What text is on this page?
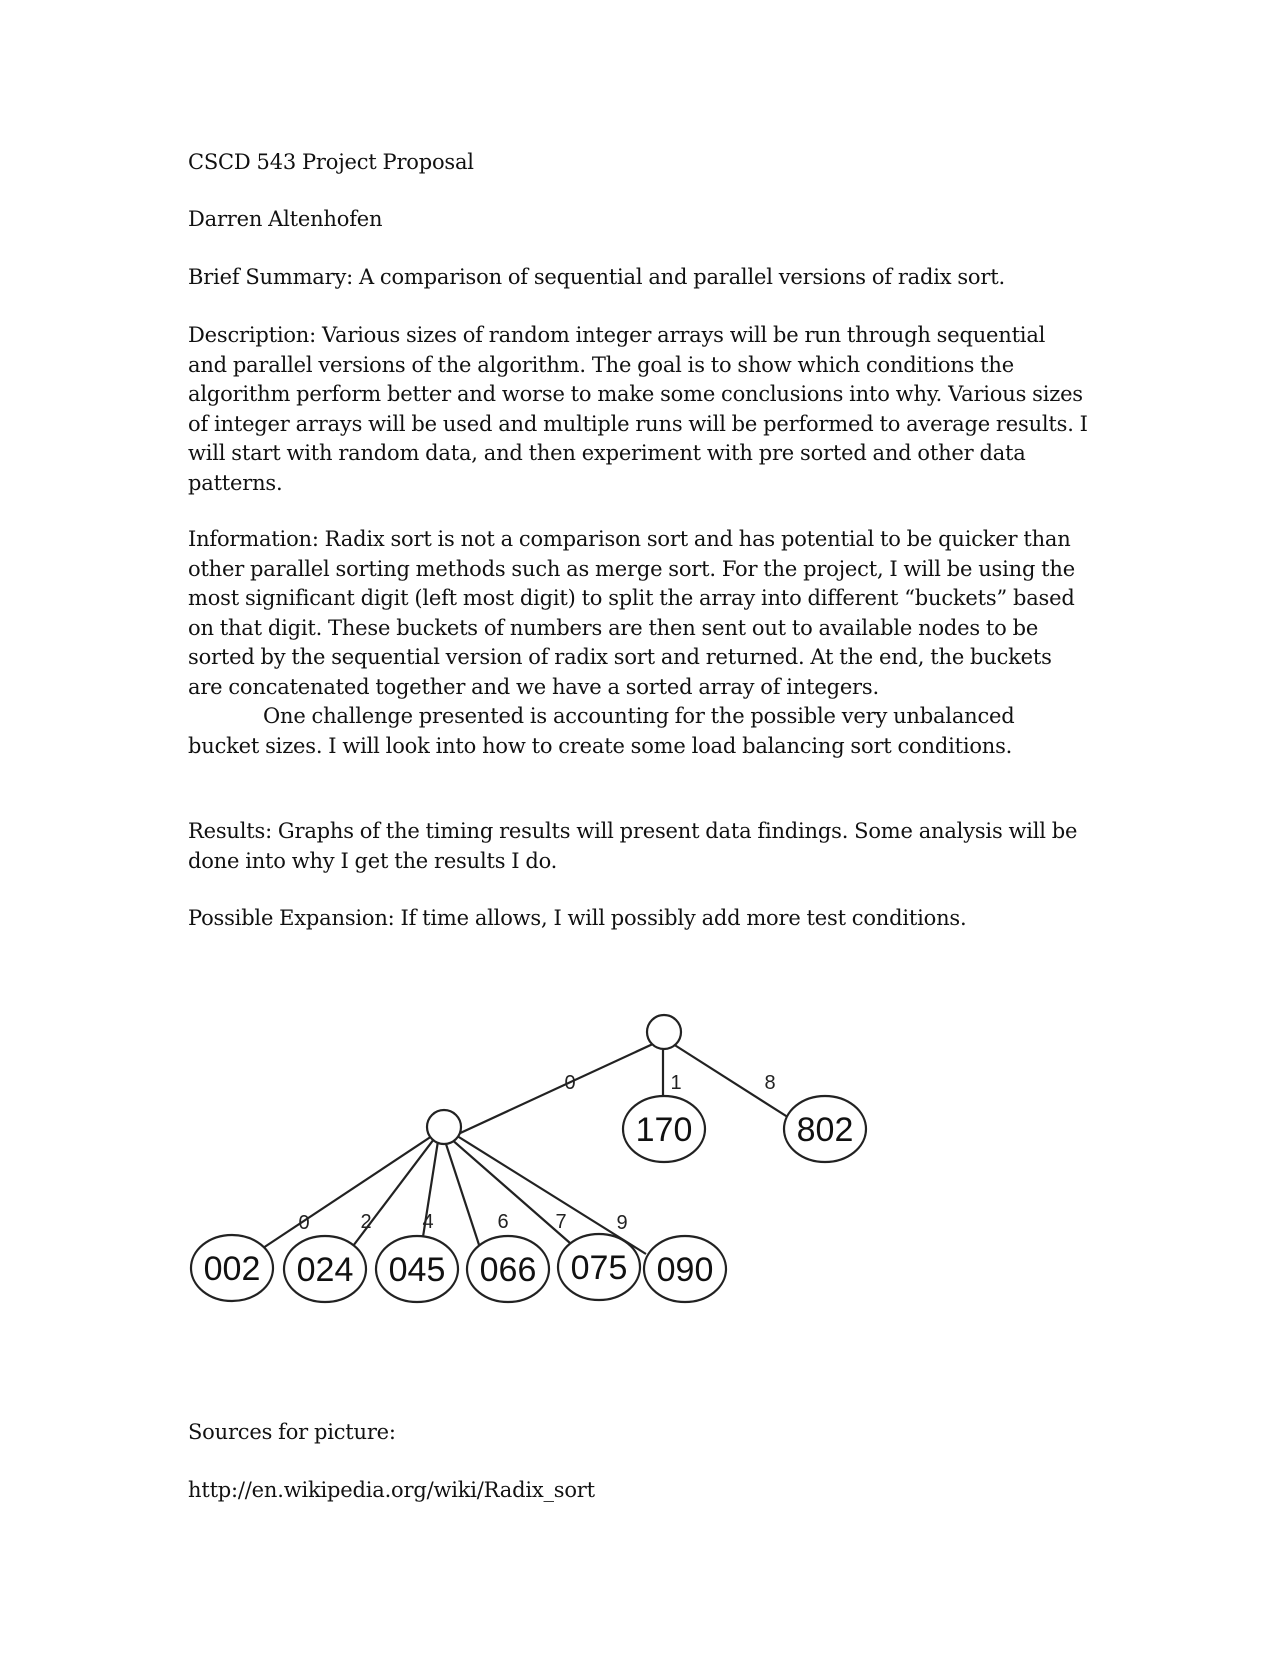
CSCD 543 Project Proposal

Darren Altenhofen

Brief Summary: A comparison of sequential and parallel versions of radix sort.

Description: Various sizes of random integer arrays will be run through sequential and parallel versions of the algorithm. The goal is to show which conditions the algorithm perform better and worse to make some conclusions into why. Various sizes of integer arrays will be used and multiple runs will be performed to average results. I will start with random data, and then experiment with pre sorted and other data patterns.

Information: Radix sort is not a comparison sort and has potential to be quicker than other parallel sorting methods such as merge sort. For the project, I will be using the most significant digit (left most digit) to split the array into different “buckets” based on that digit. These buckets of numbers are then sent out to available nodes to be sorted by the sequential version of radix sort and returned. At the end, the buckets are concatenated together and we have a sorted array of integers.

One challenge presented is accounting for the possible very unbalanced bucket sizes. I will look into how to create some load balancing sort conditions.

Results: Graphs of the timing results will present data findings. Some analysis will be done into why I get the results I do.

Possible Expansion: If time allows, I will possibly add more test conditions.

0	1	8
0	2	4	6 7 9
170	802
002 024 045 066 075 090

Sources for picture:

http://en.wikipedia.org/wiki/Radix_sort
